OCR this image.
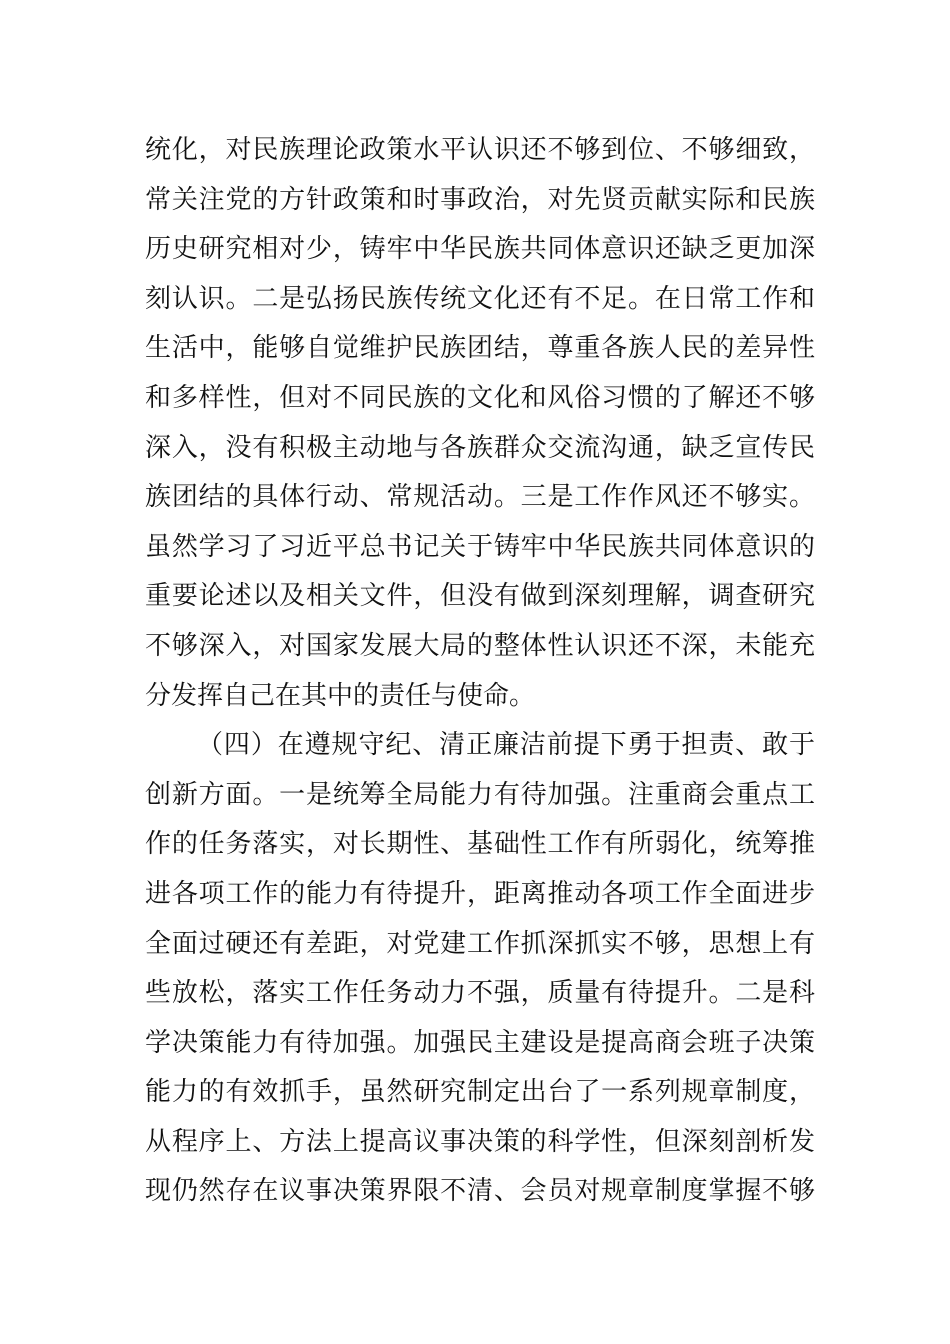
统化，对民族理论政策水平认识还不够到位、不够细致，
常关注党的方针政策和时事政治，对先贤贡献实际和民族
历史研究相对少，铸牢中华民族共同体意识还缺乏更加深
刻认识。二是弘扬民族传统文化还有不足。在日常工作和
生活中，能够自觉维护民族团结，尊重各族人民的差异性
和多样性，但对不同民族的文化和风俗习惯的了解还不够
深入，没有积极主动地与各族群众交流沟通，缺乏宣传民
族团结的具体行动、常规活动。三是工作作风还不够实。
虽然学习了习近平总书记关于铸牢中华民族共同体意识的
重要论述以及相关文件，但没有做到深刻理解，调查研究
不够深入，对国家发展大局的整体性认识还不深，未能充
分发挥自己在其中的责任与使命。
（四）在遵规守纪、清正廉洁前提下勇于担责、敢于
创新方面。一是统筹全局能力有待加强。注重商会重点工
作的任务落实，对长期性、基础性工作有所弱化，统筹推
进各项工作的能力有待提升，距离推动各项工作全面进步
全面过硬还有差距，对党建工作抓深抓实不够，思想上有
些放松，落实工作任务动力不强，质量有待提升。二是科
学决策能力有待加强。加强民主建设是提高商会班子决策
能力的有效抓手，虽然研究制定出台了一系列规章制度，
从程序上、方法上提高议事决策的科学性，但深刻剖析发
现仍然存在议事决策界限不清、会员对规章制度掌握不够
